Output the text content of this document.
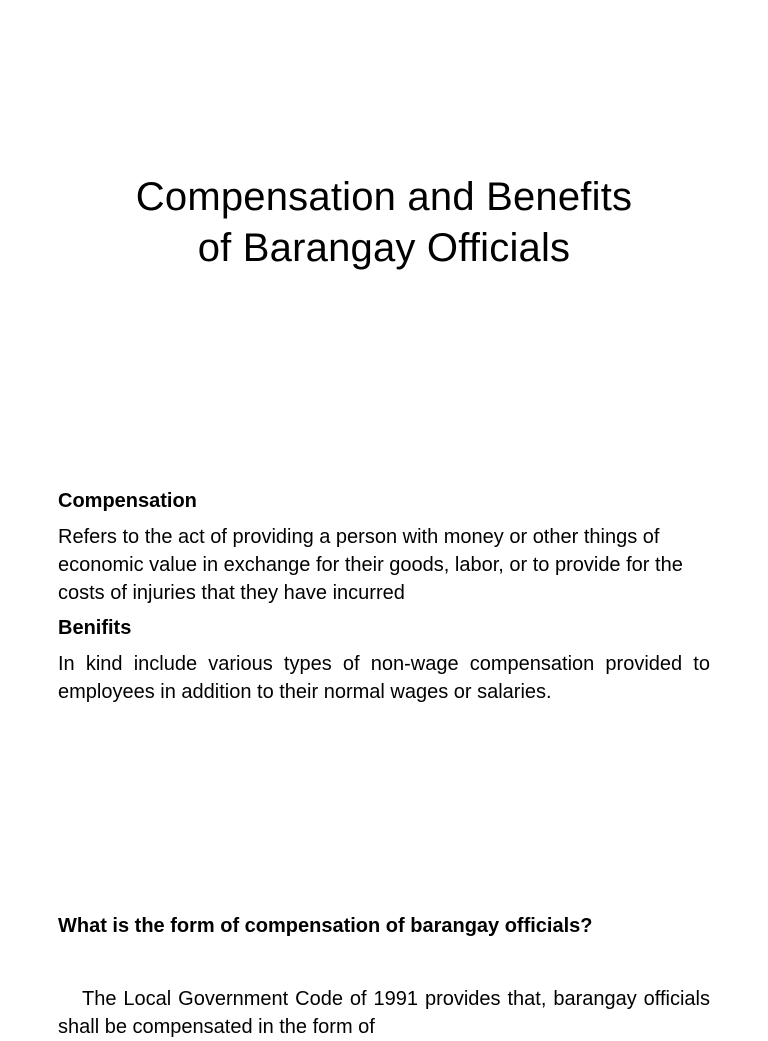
Compensation and Benefits
of Barangay Officials

Compensation

Refers to the act of providing a person with money or other things of economic value in exchange for their goods, labor, or to provide for the costs of injuries that they have incurred

Benifits

In kind include various types of non-wage compensation provided to employees in addition to their normal wages or salaries.

What is the form of compensation of barangay officials?

The Local Government Code of 1991 provides that, barangay officials shall be compensated in the form of
